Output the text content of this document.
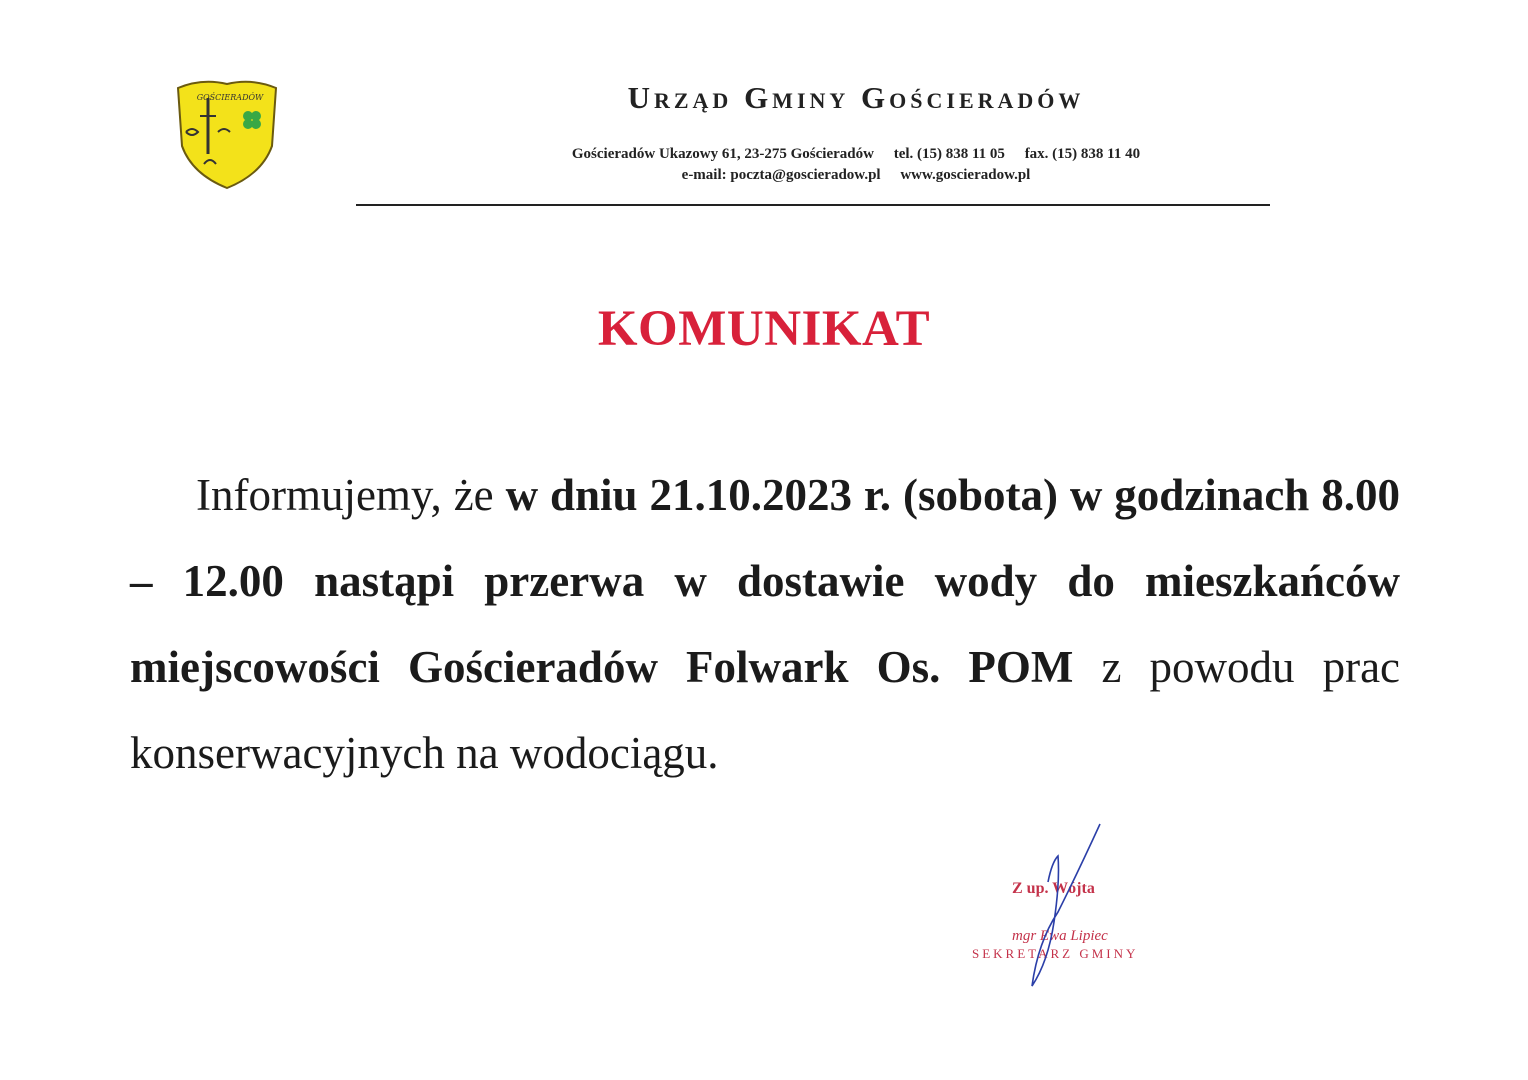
GOŚCIERADÓW	Urząd Gminy Gościeradów
Gościeradów Ukazowy 61, 23-275 Gościeradów tel. (15) 838 11 05 fax. (15) 838 11 40
e-mail: poczta@goscieradow.pl www.goscieradow.pl
KOMUNIKAT
Informujemy, że w dniu 21.10.2023 r. (sobota) w godzinach 8.00 – 12.00 nastąpi przerwa w dostawie wody do mieszkańców miejscowości Gościeradów Folwark Os. POM z powodu prac konserwacyjnych na wodociągu.
Z up. Wójta
mgr Ewa Lipiec
SEKRETARZ GMINY
